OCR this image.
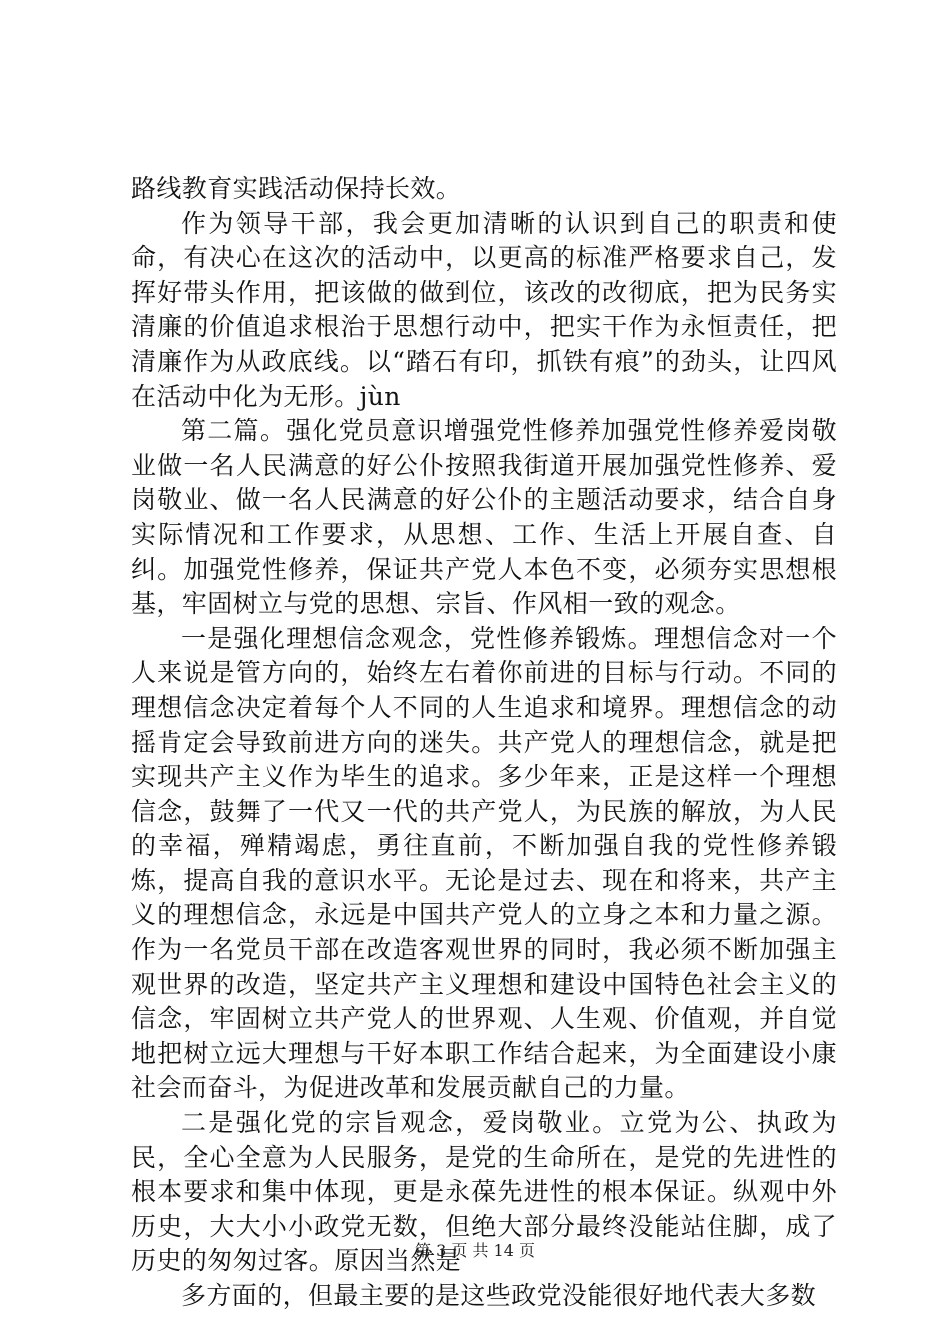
路线教育实践活动保持长效。

作为领导干部，我会更加清晰的认识到自己的职责和使命，有决心在这次的活动中，以更高的标准严格要求自己，发挥好带头作用，把该做的做到位，该改的改彻底，把为民务实清廉的价值追求根治于思想行动中，把实干作为永恒责任，把清廉作为从政底线。以“踏石有印，抓铁有痕”的劲头，让四风在活动中化为无形。jùn

第二篇。强化党员意识增强党性修养加强党性修养爱岗敬业做一名人民满意的好公仆按照我街道开展加强党性修养、爱岗敬业、做一名人民满意的好公仆的主题活动要求，结合自身实际情况和工作要求，从思想、工作、生活上开展自查、自纠。加强党性修养，保证共产党人本色不变，必须夯实思想根基，牢固树立与党的思想、宗旨、作风相一致的观念。

一是强化理想信念观念，党性修养锻炼。理想信念对一个人来说是管方向的，始终左右着你前进的目标与行动。不同的理想信念决定着每个人不同的人生追求和境界。理想信念的动摇肯定会导致前进方向的迷失。共产党人的理想信念，就是把实现共产主义作为毕生的追求。多少年来，正是这样一个理想信念，鼓舞了一代又一代的共产党人，为民族的解放，为人民的幸福，殚精竭虑，勇往直前，不断加强自我的党性修养锻炼，提高自我的意识水平。无论是过去、现在和将来，共产主义的理想信念，永远是中国共产党人的立身之本和力量之源。作为一名党员干部在改造客观世界的同时，我必须不断加强主观世界的改造，坚定共产主义理想和建设中国特色社会主义的信念，牢固树立共产党人的世界观、人生观、价值观，并自觉地把树立远大理想与干好本职工作结合起来，为全面建设小康社会而奋斗，为促进改革和发展贡献自己的力量。

二是强化党的宗旨观念，爱岗敬业。立党为公、执政为民，全心全意为人民服务，是党的生命所在，是党的先进性的根本要求和集中体现，更是永葆先进性的根本保证。纵观中外历史，大大小小政党无数，但绝大部分最终没能站住脚，成了历史的匆匆过客。原因当然是

多方面的，但最主要的是这些政党没能很好地代表大多数

第 3 页 共 14 页
